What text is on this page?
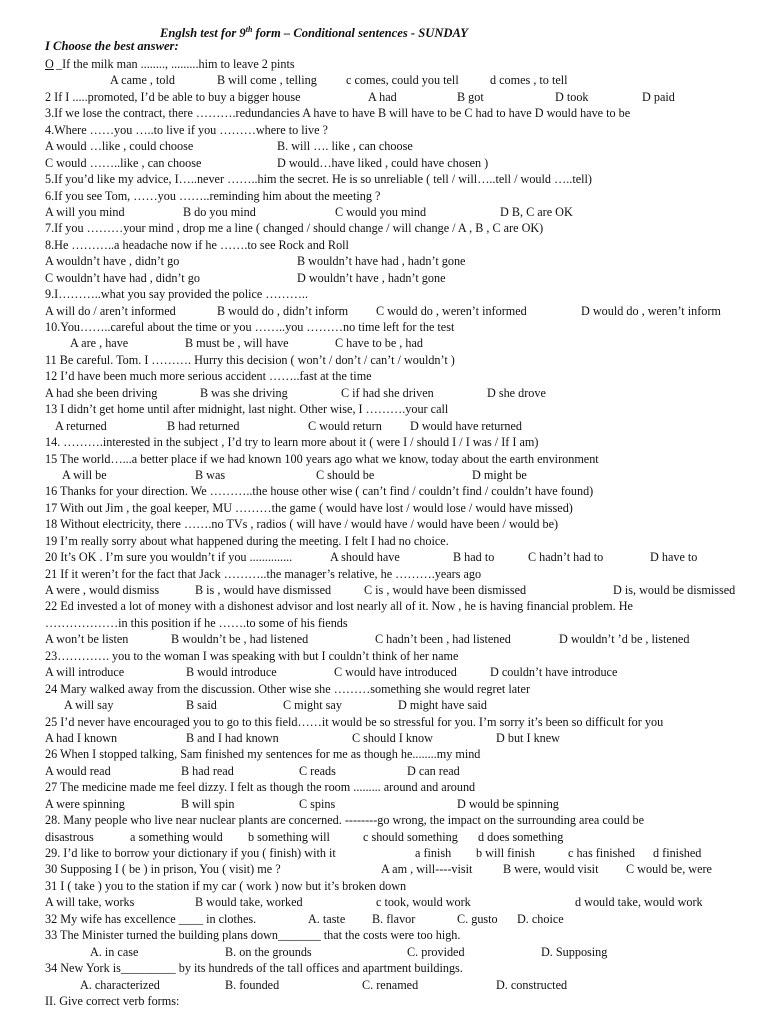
Englsh test for 9th form – Conditional sentences - SUNDAY
I Choose the best answer:
O _If the milk man ........, .........him to leave 2 pints
A came , told	B will come , telling c comes, could you tell	d comes , to tell
2 If I .....promoted, I’d be able to buy a bigger house	A had	B got	D took	D paid
3.If we lose the contract, there ……….redundancies A have to have B will have to be C had to have D would have to be
4.Where ……you …..to live if you ………where to live ?
A would …like , could choose	B. will …. like , can choose
C would ……..like , can choose	D would…have liked , could have chosen )
5.If you’d like my advice, I…..never ……..him the secret. He is so unreliable ( tell / will…..tell / would …..tell)
6.If you see Tom, ……you ……..reminding him about the meeting ?
A will you mind	B do you mind	C would you mind	D B, C are OK
7.If you ………your mind , drop me a line ( changed / should change / will change / A , B , C are OK)
8.He ………..a headache now if he …….to see Rock and Roll
A wouldn’t have , didn’t go	B wouldn’t have had , hadn’t gone
C wouldn’t have had , didn’t go	D wouldn’t have , hadn’t gone
9.I………..what you say provided the police ………..
A will do / aren’t informed	B would do , didn’t inform C would do , weren’t informed	D would do , weren’t inform
10.You……..careful about the time or you ……..you ………no time left for the test
A are , have	B must be , will have	C have to be , had
11 Be careful. Tom. I ………. Hurry this decision ( won’t / don’t / can’t / wouldn’t )
12 I’d have been much more serious accident ……..fast at the time
A had she been driving	B was she driving	C if had she driven	D she drove
13 I didn’t get home until after midnight, last night. Other wise, I ……….your call
A returned	B had returned	C would return D would have returned
14. ……….interested in the subject , I’d try to learn more about it ( were I / should I / I was / If I am)
15 The world…...a better place if we had known 100 years ago what we know, today about the earth environment
A will be	B was	C should be	D might be
16 Thanks for your direction. We ………..the house other wise ( can’t find / couldn’t find / couldn’t have found)
17 With out Jim , the goal keeper, MU ………the game ( would have lost / would lose / would have missed)
18 Without electricity, there …….no TVs , radios ( will have / would have / would have been / would be)
19 I’m really sorry about what happened during the meeting. I felt I had no choice.
20 It’s OK . I’m sure you wouldn’t if you ..............	A should have	B had to	C hadn’t had to	D have to
21 If it weren’t for the fact that Jack ………..the manager’s relative, he ……….years ago
A were , would dismiss	B is , would have dismissed	C is , would have been dismissed	D is, would be dismissed
22 Ed invested a lot of money with a dishonest advisor and lost nearly all of it. Now , he is having financial problem. He
………………in this position if he …….to some of his fiends
A won’t be listen	B wouldn’t be , had listened	C hadn’t been , had listened	D wouldn’t ’d be , listened
23…………. you to the woman I was speaking with but I couldn’t think of her name
A will introduce	B would introduce	C would have introduced	D couldn’t have introduce
24 Mary walked away from the discussion. Other wise she ………something she would regret later
A will say	B said	C might say	D might have said
25 I’d never have encouraged you to go to this field……it would be so stressful for you. I’m sorry it’s been so difficult for you
A had I known	B and I had known	C should I know	D but I knew
26 When I stopped talking, Sam finished my sentences for me as though he........my mind
A would read	B had read	C reads	D can read
27 The medicine made me feel dizzy. I felt as though the room ......... around and around
A were spinning	B will spin	C spins	D would be spinning
28. Many people who live near nuclear plants are concerned. --------go wrong, the impact on the surrounding area could be
disastrous	a something would b something will	c should something d does something
29. I’d like to borrow your dictionary if you ( finish) with it	a finish b will finish	c has finished d finished
30 Supposing I ( be ) in prison, You ( visit) me ?	A am , will----visit	B were, would visit C would be, were
31 I ( take ) you to the station if my car ( work ) now but it’s broken down
A will take, works	B would take, worked	c took, would work	d would take, would work
32 My wife has excellence ____ in clothes.	A. taste B. flavor	C. gusto D. choice
33 The Minister turned the building plans down_______ that the costs were too high.
A. in case	B. on the grounds	C. provided	D. Supposing
34 New York is_________ by its hundreds of the tall offices and apartment buildings.
A. characterized	B. founded	C. renamed	D. constructed
II. Give correct verb forms:
